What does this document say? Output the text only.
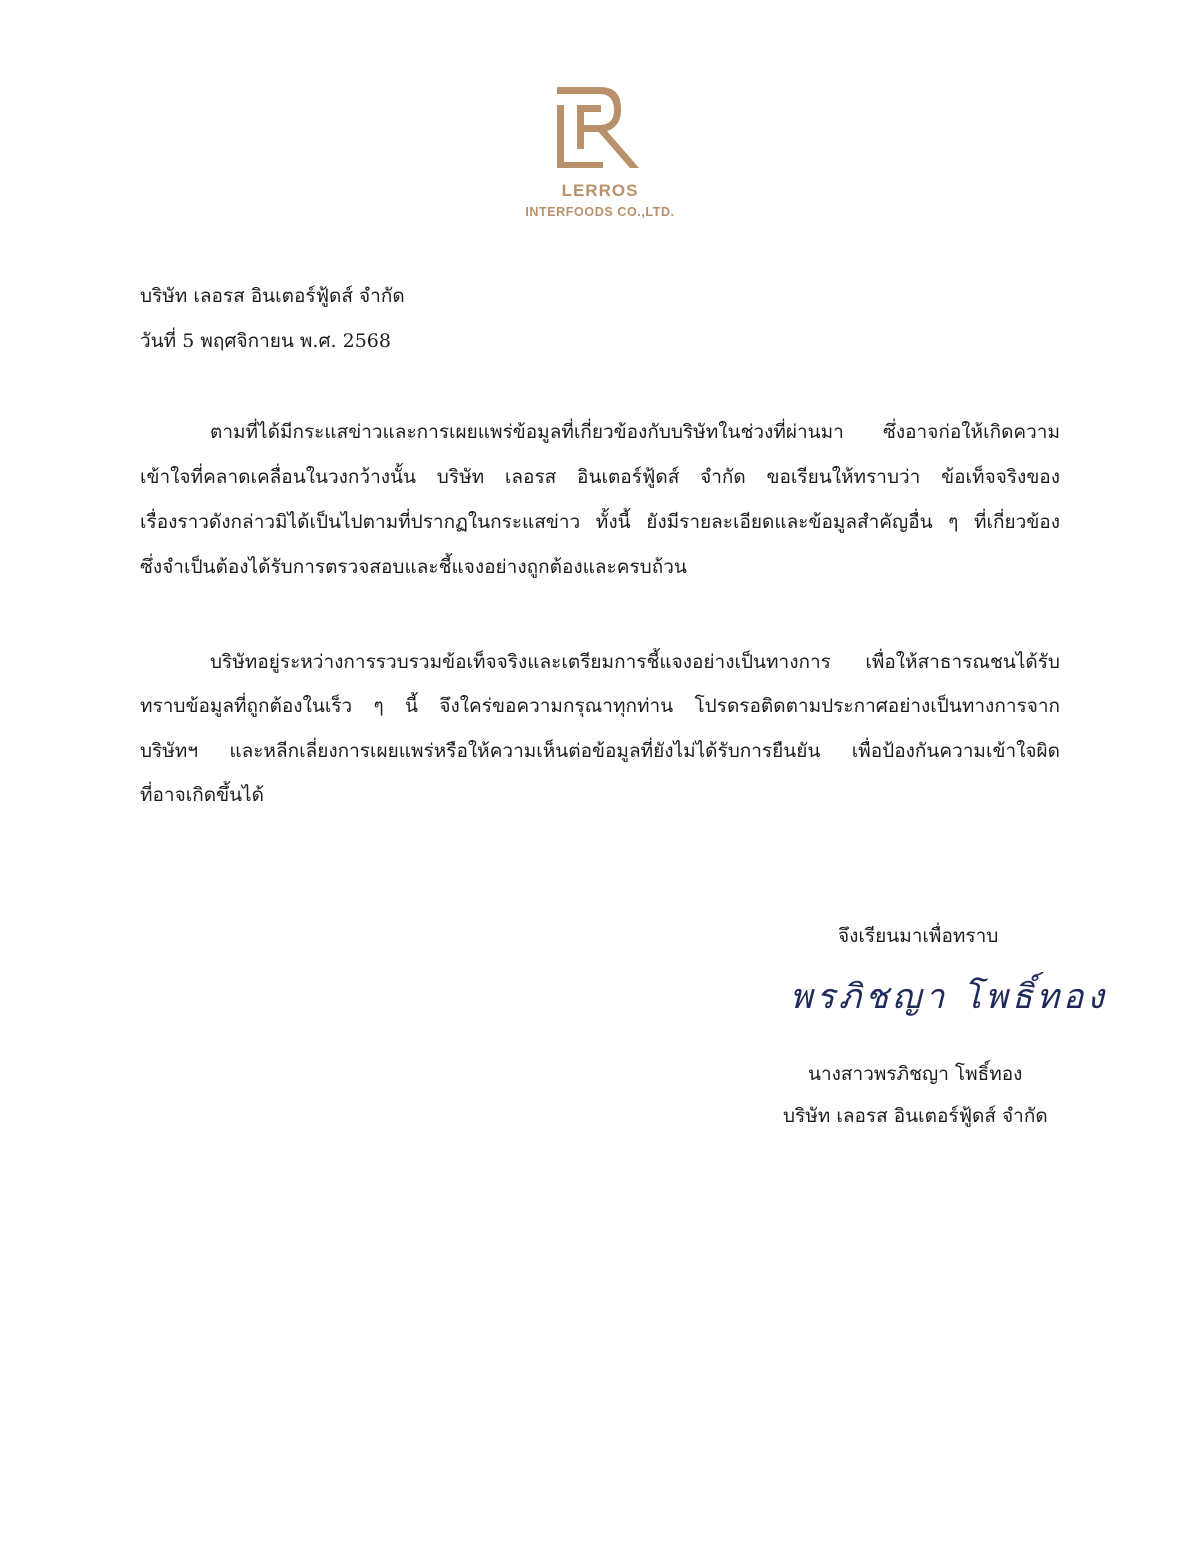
LERROS
INTERFOODS CO.,LTD.
บริษัท เลอรส อินเตอร์ฟู้ดส์ จำกัด
วันที่ 5 พฤศจิกายน พ.ศ. 2568
ตามที่ได้มีกระแสข่าวและการเผยแพร่ข้อมูลที่เกี่ยวข้องกับบริษัทในช่วงที่ผ่านมา ซึ่งอาจก่อให้เกิดความ
เข้าใจที่คลาดเคลื่อนในวงกว้างนั้น บริษัท เลอรส อินเตอร์ฟู้ดส์ จำกัด ขอเรียนให้ทราบว่า ข้อเท็จจริงของ
เรื่องราวดังกล่าวมิได้เป็นไปตามที่ปรากฏในกระแสข่าว ทั้งนี้ ยังมีรายละเอียดและข้อมูลสำคัญอื่น ๆ ที่เกี่ยวข้อง
ซึ่งจำเป็นต้องได้รับการตรวจสอบและชี้แจงอย่างถูกต้องและครบถ้วน
บริษัทอยู่ระหว่างการรวบรวมข้อเท็จจริงและเตรียมการชี้แจงอย่างเป็นทางการ เพื่อให้สาธารณชนได้รับ
ทราบข้อมูลที่ถูกต้องในเร็ว ๆ นี้ จึงใคร่ขอความกรุณาทุกท่าน โปรดรอติดตามประกาศอย่างเป็นทางการจาก
บริษัทฯ และหลีกเลี่ยงการเผยแพร่หรือให้ความเห็นต่อข้อมูลที่ยังไม่ได้รับการยืนยัน เพื่อป้องกันความเข้าใจผิด
ที่อาจเกิดขึ้นได้
จึงเรียนมาเพื่อทราบ
พรภิชญา โพธิ์ทอง
นางสาวพรภิชญา โพธิ์ทอง
บริษัท เลอรส อินเตอร์ฟู้ดส์ จำกัด
